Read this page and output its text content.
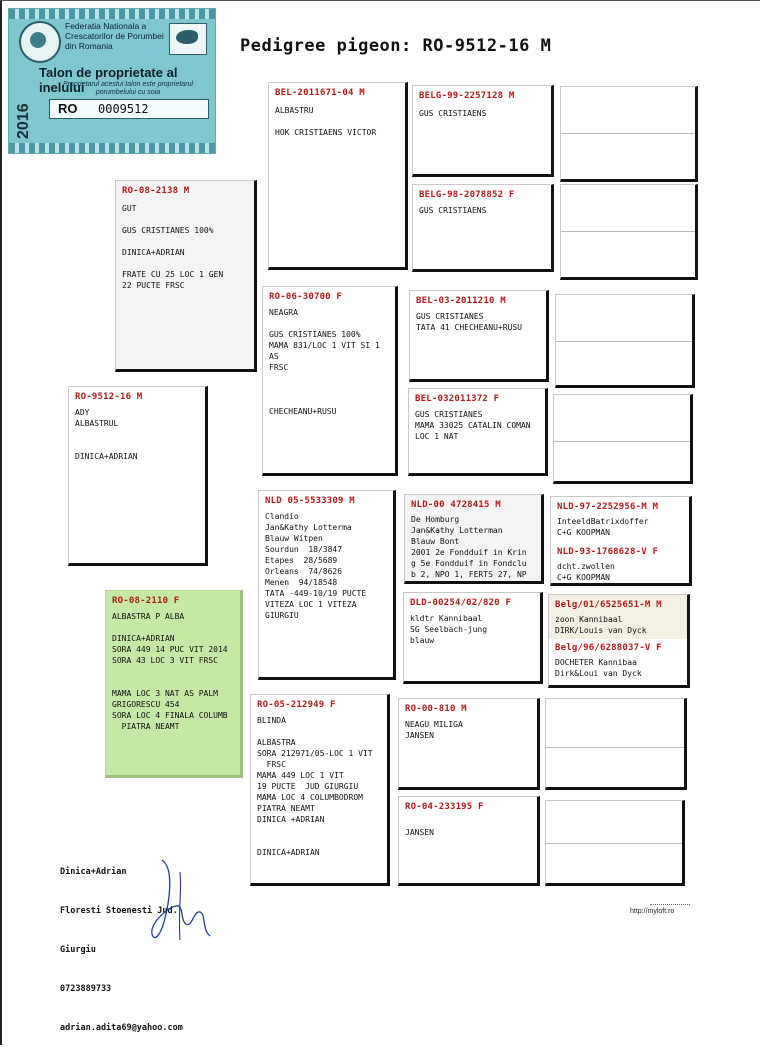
Pedigree pigeon: RO-9512-16 M
Federatia Nationala a
Crescatorilor de Porumbei
din Romania
2016
Talon de proprietate al inelului
Proprietarul acestui talon este proprietarul porumbelului cu soia
RO 0009512
RO-9512-16 M
ADY
ALBASTRUL

DINICA+ADRIAN
RO-08-2138 M
GUT

GUS CRISTIANES 100%

DINICA+ADRIAN

FRATE CU 25 LOC 1 GEN
22 PUCTE FRSC
RO-08-2110 F
ALBASTRA P ALBA

DINICA+ADRIAN
SORA 449 14 PUC VIT 2014
SORA 43 LOC 3 VIT FRSC

MAMA LOC 3 NAT AS PALM
GRIGORESCU 454
SORA LOC 4 FINALA COLUMB
PIATRA NEAMT
BEL-2011671-04 M
ALBASTRU

HOK CRISTIAENS VICTOR
RO-06-30700 F
NEAGRA

GUS CRISTIANES 100%
MAMA 831/LOC 1 VIT SI 1
AS
FRSC

CHECHEANU+RUSU
NLD 05-5533309 M
Clandio
Jan&Kathy Lotterma
Blauw Witpen
Sourdun  18/3847
Etapes  28/5689
Orleans  74/8626
Menen  94/18548
TATA -449-10/19 PUCTE
VITEZA LOC 1 VITEZA
GIURGIU
RO-05-212949 F
BLINDA

ALBASTRA
SORA 212971/05-LOC 1 VIT
FRSC
MAMA 449 LOC 1 VIT
19 PUCTE  JUD GIURGIU
MAMA LOC 4 COLUMBODROM
PIATRA NEAMT
DINICA +ADRIAN

DINICA+ADRIAN
BELG-99-2257128 M
GUS CRISTIAENS
BELG-98-2078852 F
GUS CRISTIAENS
BEL-03-2011210 M
GUS CRISTIANES
TATA 41 CHECHEANU+RUSU
BEL-032011372 F
GUS CRISTIANES
MAMA 33025 CATALIN COMAN
LOC 1 NAT
NLD-00 4728415 M
De Homburg
Jan&Kathy Lotterman
Blauw Bont
2001 2e Fondduif in Krin
g 5e Fondduif in Fondclu
b 2, NPO 1, FERTS 27, NP
DLD-00254/02/820 F
kldtr Kannibaal
SG Seelbach-jung
blauw
RO-00-810 M
NEAGU MILIGA
JANSEN
RO-04-233195 F
JANSEN
NLD-97-2252956-M M
InteeldBatrixdoffer
C+G KOOPMAN
NLD-93-1768628-V F
dcht.zwollen
C+G KOOPMAN
Belg/01/6525651-M M
zoon Kannibaal
DIRK/Louis van Dyck
Belg/96/6288037-V F
DOCHETER Kannibaa
Dirk&Loui van Dyck

Dinica+Adrian

Floresti Stoenesti Jud.

Giurgiu

0723889733

adrian.adita69@yahoo.com

http://myloft.ro
